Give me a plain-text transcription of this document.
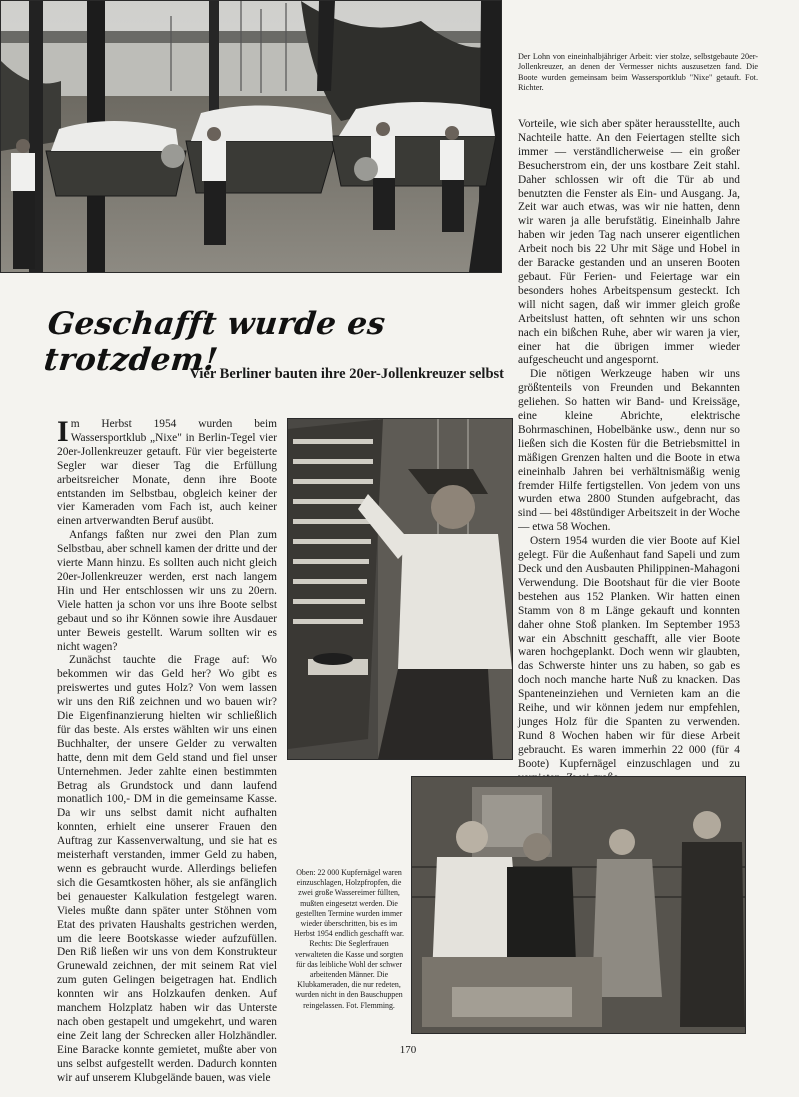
Der Lohn von eineinhalbjähriger Arbeit: vier stolze, selbstgebaute 20er-Jollenkreuzer, an denen der Vermesser nichts auszusetzen fand. Die Boote wurden gemeinsam beim Wassersportklub "Nixe" getauft. Fot. Richter.
Geschafft wurde es trotzdem!
Vier Berliner bauten ihre 20er-Jollenkreuzer selbst

Im Herbst 1954 wurden beim Wassersportklub „Nixe" in Berlin-Tegel vier 20er-Jollenkreuzer getauft. Für vier begeisterte Segler war dieser Tag die Erfüllung arbeitsreicher Monate, denn ihre Boote entstanden im Selbstbau, obgleich keiner der vier Kameraden vom Fach ist, auch keiner einen artverwandten Beruf ausübt.

Anfangs faßten nur zwei den Plan zum Selbstbau, aber schnell kamen der dritte und der vierte Mann hinzu. Es sollten auch nicht gleich 20er-Jollenkreuzer werden, erst nach langem Hin und Her entschlossen wir uns zu 20ern. Viele hatten ja schon vor uns ihre Boote selbst gebaut und so ihr Können sowie ihre Ausdauer unter Beweis gestellt. Warum sollten wir es nicht wagen?

Zunächst tauchte die Frage auf: Wo bekommen wir das Geld her? Wo gibt es preiswertes und gutes Holz? Von wem lassen wir uns den Riß zeichnen und wo bauen wir? Die Eigenfinanzierung hielten wir schließlich für das beste. Als erstes wählten wir uns einen Buchhalter, der unsere Gelder zu verwalten hatte, denn mit dem Geld stand und fiel unser Unternehmen. Jeder zahlte einen bestimmten Betrag als Grundstock und dann laufend monatlich 100,- DM in die gemeinsame Kasse. Da wir uns selbst damit nicht aufhalten konnten, erhielt eine unserer Frauen den Auftrag zur Kassenverwaltung, und sie hat es meisterhaft verstanden, immer Geld zu haben, wenn es gebraucht wurde. Allerdings beliefen sich die Gesamtkosten höher, als sie anfänglich bei genauester Kalkulation festgelegt waren. Vieles mußte dann später unter Stöhnen vom Etat des privaten Haushalts gestrichen werden, um die leere Bootskasse wieder aufzufüllen. Den Riß ließen wir uns von dem Konstrukteur Grunewald zeichnen, der mit seinem Rat viel zum guten Gelingen beigetragen hat. Endlich konnten wir ans Holzkaufen denken. Auf manchem Holzplatz haben wir das Unterste nach oben gestapelt und umgekehrt, und waren eine Zeit lang der Schrecken aller Holzhändler. Eine Baracke konnte gemietet, mußte aber von uns selbst aufgestellt werden. Dadurch konnten wir auf unserem Klubgelände bauen, was viele

Vorteile, wie sich aber später herausstellte, auch Nachteile hatte. An den Feiertagen stellte sich immer — verständlicherweise — ein großer Besucherstrom ein, der uns kostbare Zeit stahl. Daher schlossen wir oft die Tür ab und benutzten die Fenster als Ein- und Ausgang. Ja, Zeit war auch etwas, was wir nie hatten, denn wir waren ja alle berufstätig. Eineinhalb Jahre haben wir jeden Tag nach unserer eigentlichen Arbeit noch bis 22 Uhr mit Säge und Hobel in der Baracke gestanden und an unseren Booten gebaut. Für Ferien- und Feiertage war ein besonders hohes Arbeitspensum gesteckt. Ich will nicht sagen, daß wir immer gleich große Arbeitslust hatten, oft sehnten wir uns schon nach ein bißchen Ruhe, aber wir waren ja vier, einer hat die übrigen immer wieder aufgescheucht und angespornt.

Die nötigen Werkzeuge haben wir uns größtenteils von Freunden und Bekannten geliehen. So hatten wir Band- und Kreissäge, eine kleine Abrichte, elektrische Bohrmaschinen, Hobelbänke usw., denn nur so ließen sich die Kosten für die Betriebsmittel in mäßigen Grenzen halten und die Boote in etwa eineinhalb Jahren bei verhältnismäßig wenig fremder Hilfe fertigstellen. Von jedem von uns wurden etwa 2800 Stunden aufgebracht, das sind — bei 48stündiger Arbeitszeit in der Woche — etwa 58 Wochen.

Ostern 1954 wurden die vier Boote auf Kiel gelegt. Für die Außenhaut fand Sapeli und zum Deck und den Ausbauten Philippinen-Mahagoni Verwendung. Die Bootshaut für die vier Boote bestehen aus 152 Planken. Wir hatten einen Stamm von 8 m Länge gekauft und konnten daher ohne Stoß planken. Im September 1953 war ein Abschnitt geschafft, alle vier Boote waren hochgeplankt. Doch wenn wir glaubten, das Schwerste hinter uns zu haben, so gab es doch noch manche harte Nuß zu knacken. Das Spanteneinziehen und Vernieten kam an die Reihe, und wir können jedem nur empfehlen, junges Holz für die Spanten zu verwenden. Rund 8 Wochen haben wir für diese Arbeit gebraucht. Es waren immerhin 22 000 (für 4 Boote) Kupfernägel einzuschlagen und zu

Oben: 22 000 Kupfernägel waren einzuschlagen, Holzpfropfen, die zwei große Wassereimer füllten, mußten eingesetzt werden. Die gestellten Termine wurden immer wieder überschritten, bis es im Herbst 1954 endlich geschafft war. Rechts: Die Seglerfrauen verwalteten die Kasse und sorgten für das leibliche Wohl der schwer arbeitenden Männer. Die Klubkameraden, die nur redeten, wurden nicht in den Bauschuppen reingelassen. Fot. Flemming.
170
